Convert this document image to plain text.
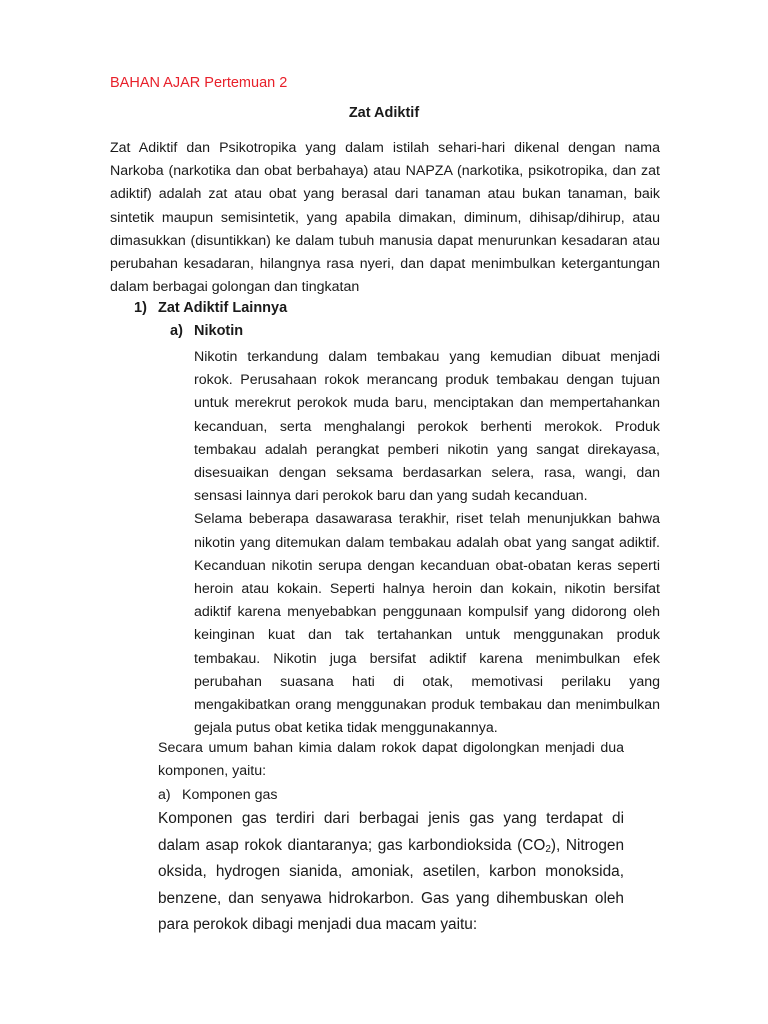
BAHAN AJAR Pertemuan 2
Zat Adiktif

Zat Adiktif dan Psikotropika yang dalam istilah sehari-hari dikenal dengan nama Narkoba (narkotika dan obat berbahaya) atau NAPZA (narkotika, psikotropika, dan zat adiktif) adalah zat atau obat yang berasal dari tanaman atau bukan tanaman, baik sintetik maupun semisintetik, yang apabila dimakan, diminum, dihisap/dihirup, atau dimasukkan (disuntikkan) ke dalam tubuh manusia dapat menurunkan kesadaran atau perubahan kesadaran, hilangnya rasa nyeri, dan dapat menimbulkan ketergantungan dalam berbagai golongan dan tingkatan

1) Zat Adiktif Lainnya
a) Nikotin

Nikotin terkandung dalam tembakau yang kemudian dibuat menjadi rokok. Perusahaan rokok merancang produk tembakau dengan tujuan untuk merekrut perokok muda baru, menciptakan dan mempertahankan kecanduan, serta menghalangi perokok berhenti merokok. Produk tembakau adalah perangkat pemberi nikotin yang sangat direkayasa, disesuaikan dengan seksama berdasarkan selera, rasa, wangi, dan sensasi lainnya dari perokok baru dan yang sudah kecanduan.

Selama beberapa dasawarasa terakhir, riset telah menunjukkan bahwa nikotin yang ditemukan dalam tembakau adalah obat yang sangat adiktif. Kecanduan nikotin serupa dengan kecanduan obat-obatan keras seperti heroin atau kokain. Seperti halnya heroin dan kokain, nikotin bersifat adiktif karena menyebabkan penggunaan kompulsif yang didorong oleh keinginan kuat dan tak tertahankan untuk menggunakan produk tembakau. Nikotin juga bersifat adiktif karena menimbulkan efek perubahan suasana hati di otak, memotivasi perilaku yang mengakibatkan orang menggunakan produk tembakau dan menimbulkan gejala putus obat ketika tidak menggunakannya.

Secara umum bahan kimia dalam rokok dapat digolongkan menjadi dua komponen, yaitu:

a) Komponen gas

Komponen gas terdiri dari berbagai jenis gas yang terdapat di dalam asap rokok diantaranya; gas karbondioksida $(CO_2)$, Nitrogen oksida, hydrogen sianida, amoniak, asetilen, karbon monoksida, benzene, dan senyawa hidrokarbon. Gas yang dihembuskan oleh para perokok dibagi menjadi dua macam yaitu:
